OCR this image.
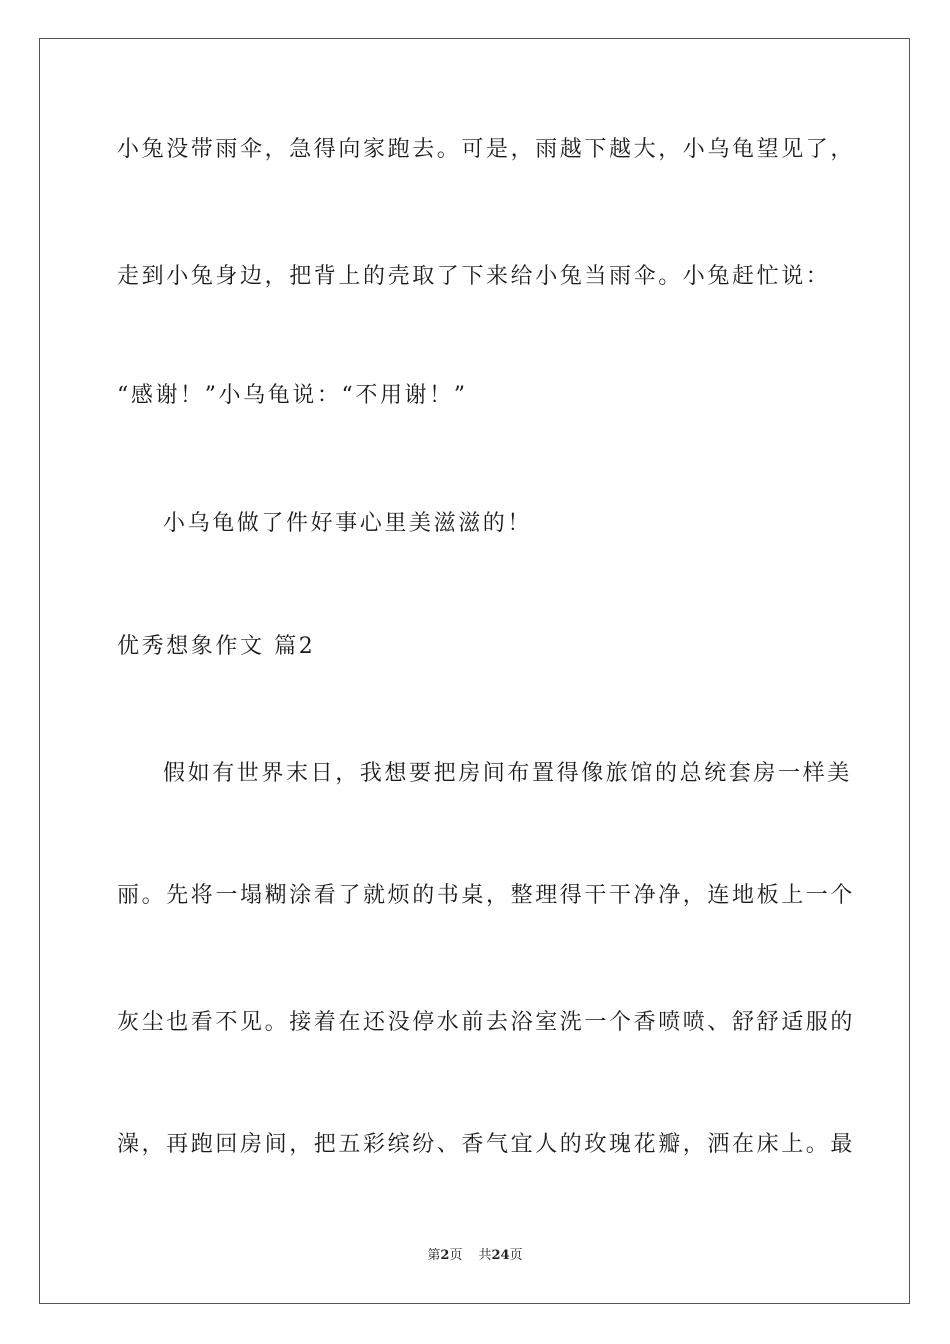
小兔没带雨伞，急得向家跑去。可是，雨越下越大，小乌龟望见了，
走到小兔身边，把背上的壳取了下来给小兔当雨伞。小兔赶忙说：
“感谢！”小乌龟说：“不用谢！”
小乌龟做了件好事心里美滋滋的！
优秀想象作文 篇2
假如有世界末日，我想要把房间布置得像旅馆的总统套房一样美
丽。先将一塌糊涂看了就烦的书桌，整理得干干净净，连地板上一个
灰尘也看不见。接着在还没停水前去浴室洗一个香喷喷、舒舒适服的
澡，再跑回房间，把五彩缤纷、香气宜人的玫瑰花瓣，洒在床上。最
第2页 共24页
